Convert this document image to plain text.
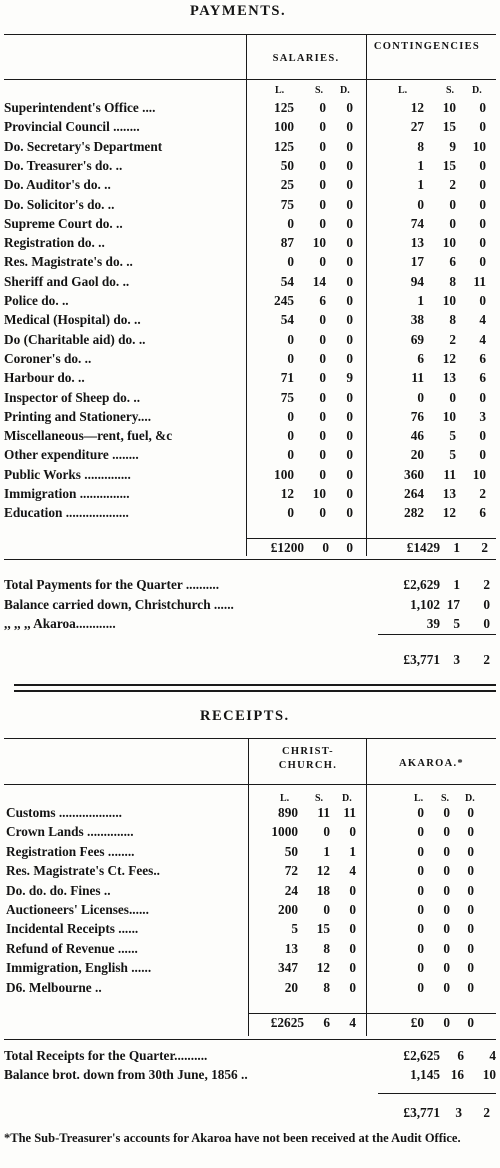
PAYMENTS.
SALARIES.
CONTINGENCIES
L.	S. D.	L.	S. D.
Superintendent's Office ....	125	0	0	12	10	0
Provincial Council ........	100	0	0	27	15	0
Do. Secretary's Department	125	0	0	8	9	10
Do. Treasurer's do. ..	50	0	0	1	15	0
Do. Auditor's do. ..	25	0	0	1	2	0
Do. Solicitor's do. ..	75	0	0	0	0	0
Supreme Court do. ..	0	0	0	74	0	0
Registration do. ..	87	10	0	13	10	0
Res. Magistrate's do. ..	0	0	0	17	6	0
Sheriff and Gaol do. ..	54	14	0	94	8	11
Police do. ..	245	6	0	1	10	0
Medical (Hospital) do. ..	54	0	0	38	8	4
Do (Charitable aid) do. ..	0	0	0	69	2	4
Coroner's do. ..	0	0	0	6	12	6
Harbour do. ..	71	0	9	11	13	6
Inspector of Sheep do. ..	75	0	0	0	0	0
Printing and Stationery....	0	0	0	76	10	3
Miscellaneous—rent, fuel, &c	0	0	0	46	5	0
Other expenditure ........	0	0	0	20	5	0
Public Works ..............	100	0	0	360	11	10
Immigration ...............	12	10	0	264	13	2
Education ...................	0	0	0	282	12	6
£1200	0	0	£1429	1	2
Total Payments for the Quarter ..........	£2,629	1	2
Balance carried down, Christchurch ......	1,102 17	0
,, ,, ,, Akaroa............	39	5	0
£3,771	3	2
RECEIPTS.
CHRIST-CHURCH.	AKAROA.*
L.	S. D.	L. S. D.
Customs ...................	890	11	11	0	0	0
Crown Lands ..............	1000	0	0	0	0	0
Registration Fees ........	50	1	1	0	0	0
Res. Magistrate's Ct. Fees..	72	12	4	0	0	0
Do. do. do. Fines ..	24	18	0	0	0	0
Auctioneers' Licenses......	200	0	0	0	0	0
Incidental Receipts ......	5	15	0	0	0	0
Refund of Revenue ......	13	8	0	0	0	0
Immigration, English ......	347	12	0	0	0	0
D6. Melbourne ..	20	8	0	0	0	0
£2625	6	4	£0	0	0
Total Receipts for the Quarter..........	£2,625	6	4
Balance brot. down from 30th June, 1856 ..	1,145 16	10
£3,771	3	2
*The Sub-Treasurer's accounts for Akaroa have not been received at the Audit Office.
